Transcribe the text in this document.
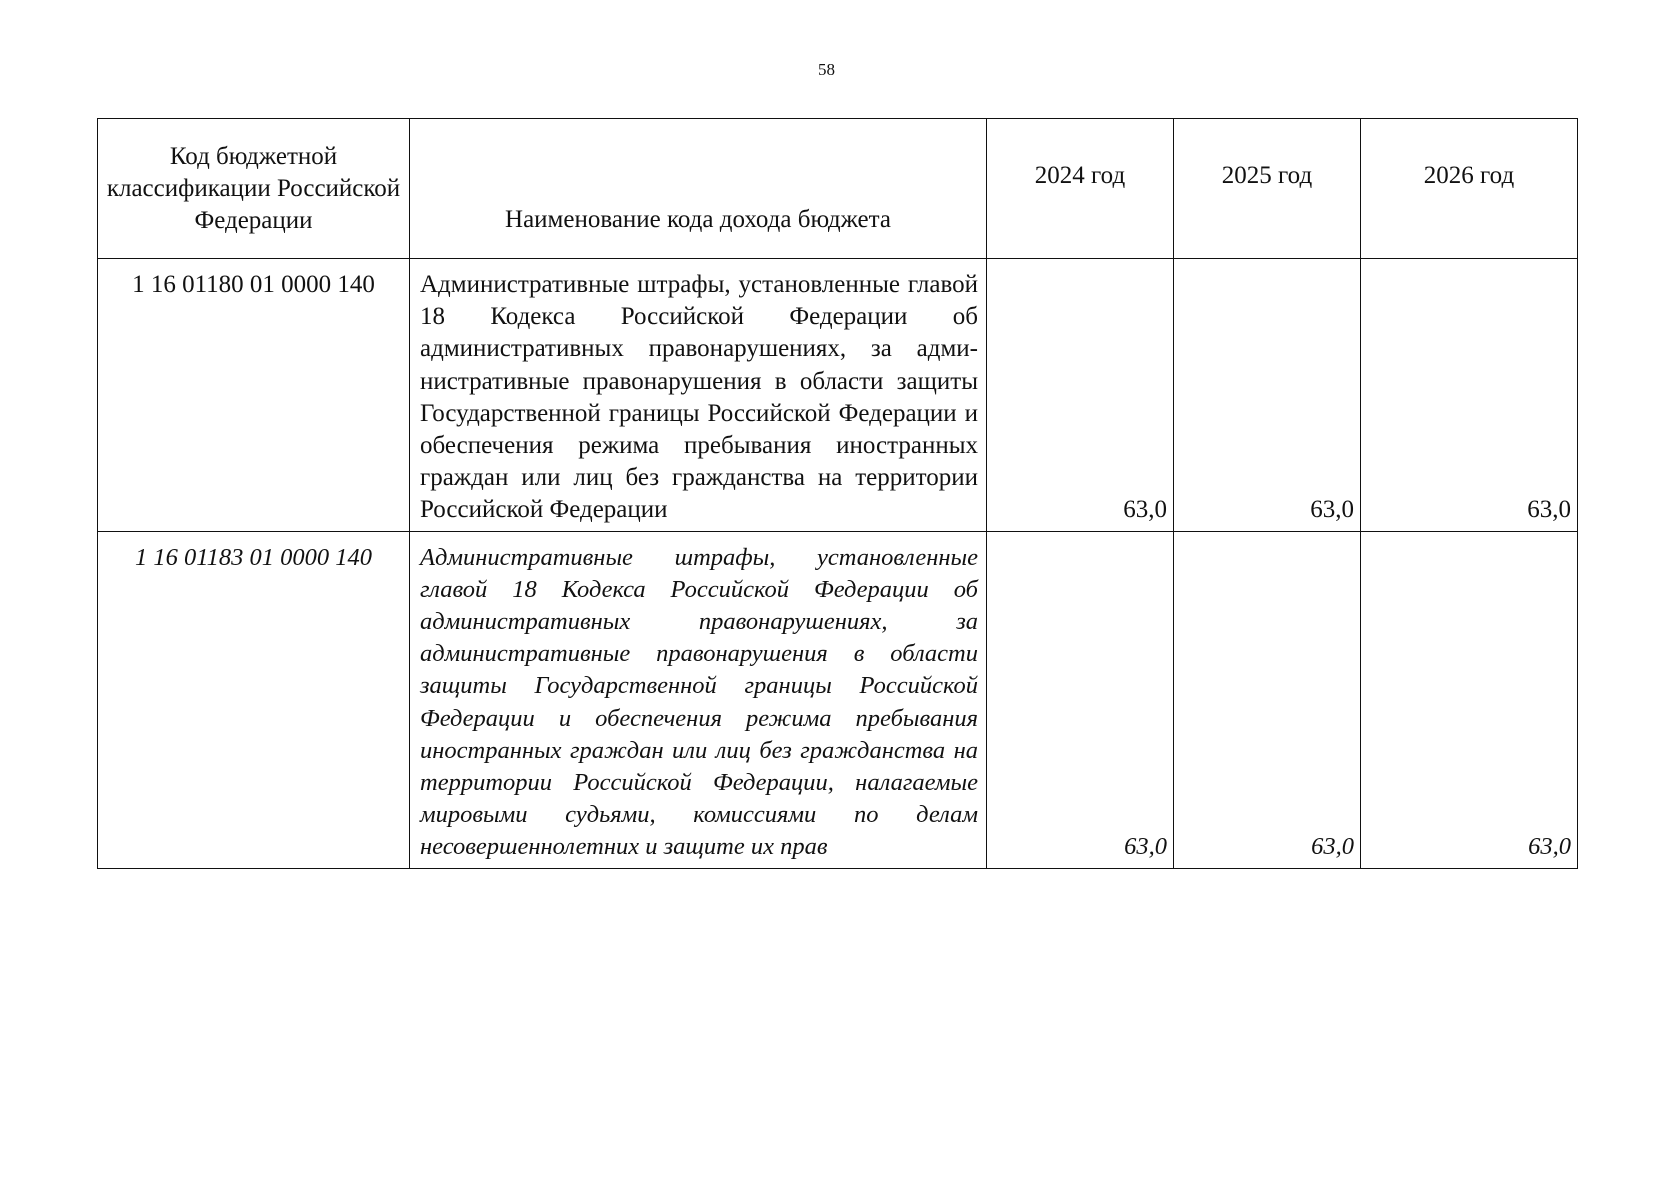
58
Код бюджетной классификации Российской Федерации	Наименование кода дохода бюджета	2024 год	2025 год	2026 год
1 16 01180 01 0000 140	Административные штрафы, установленные главой 18 Кодекса Российской Федерации об административных правонарушениях, за административные правонарушения в области защиты Государственной границы Российской Федерации и обеспечения режима пребывания иностранных граждан или лиц без гражданства на территории Российской Федерации	63,0	63,0	63,0
1 16 01183 01 0000 140	Административные штрафы, установленные главой 18 Кодекса Российской Федерации об административных правонарушениях, за административные правонарушения в области защиты Государственной границы Российской Федерации и обеспечения режима пребывания иностранных граждан или лиц без гражданства на территории Российской Федерации, налагаемые мировыми судьями, комиссиями по делам несовершеннолетних и защите их прав	63,0	63,0	63,0
